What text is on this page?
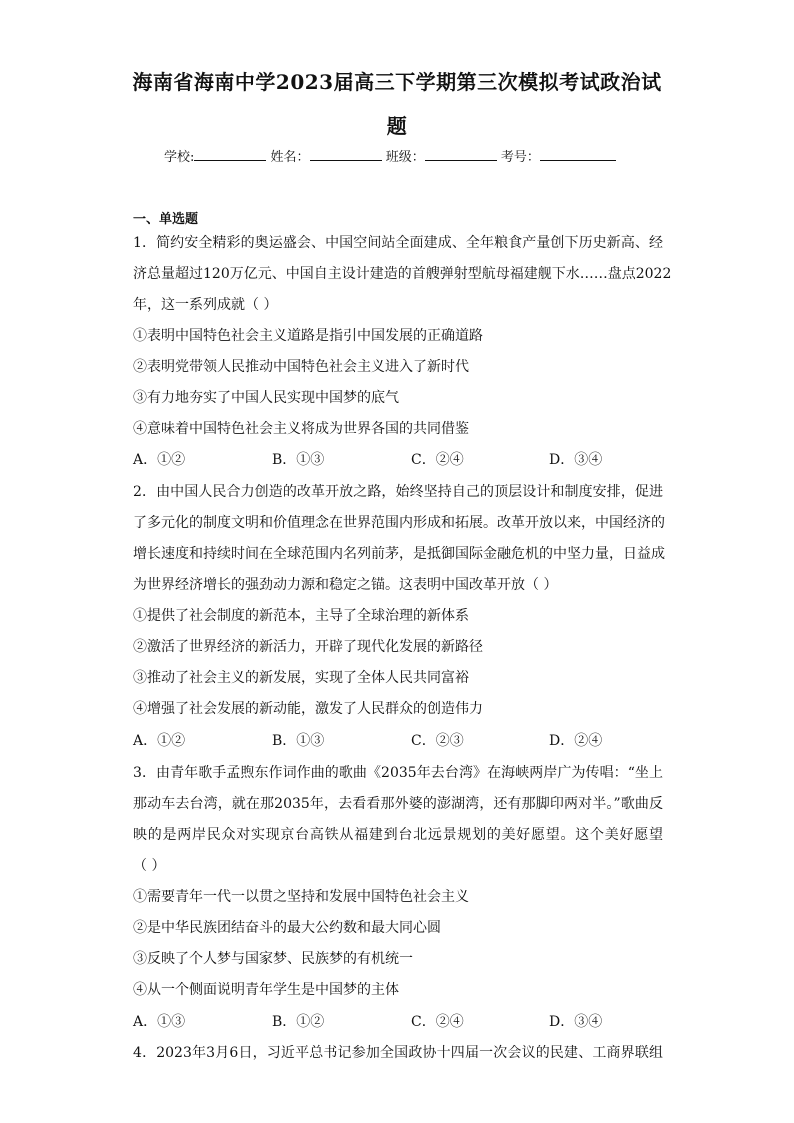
海南省海南中学2023届高三下学期第三次模拟考试政治试
题
学校:	姓名：	班级：	考号：
一、单选题
1．简约安全精彩的奥运盛会、中国空间站全面建成、全年粮食产量创下历史新高、经
济总量超过120万亿元、中国自主设计建造的首艘弹射型航母福建舰下水……盘点2022
年，这一系列成就（ ）
①表明中国特色社会主义道路是指引中国发展的正确道路
②表明党带领人民推动中国特色社会主义进入了新时代
③有力地夯实了中国人民实现中国梦的底气
④意味着中国特色社会主义将成为世界各国的共同借鉴
A．①②	B．①③	C．②④	D．③④
2．由中国人民合力创造的改革开放之路，始终坚持自己的顶层设计和制度安排，促进
了多元化的制度文明和价值理念在世界范围内形成和拓展。改革开放以来，中国经济的
增长速度和持续时间在全球范围内名列前茅，是抵御国际金融危机的中坚力量，日益成
为世界经济增长的强劲动力源和稳定之锚。这表明中国改革开放（ ）
①提供了社会制度的新范本，主导了全球治理的新体系
②激活了世界经济的新活力，开辟了现代化发展的新路径
③推动了社会主义的新发展，实现了全体人民共同富裕
④增强了社会发展的新动能，激发了人民群众的创造伟力
A．①②	B．①③	C．②③	D．②④
3．由青年歌手孟煦东作词作曲的歌曲《2035年去台湾》在海峡两岸广为传唱：“坐上
那动车去台湾，就在那2035年，去看看那外婆的澎湖湾，还有那脚印两对半。”歌曲反
映的是两岸民众对实现京台高铁从福建到台北远景规划的美好愿望。这个美好愿望
（ ）
①需要青年一代一以贯之坚持和发展中国特色社会主义
②是中华民族团结奋斗的最大公约数和最大同心圆
③反映了个人梦与国家梦、民族梦的有机统一
④从一个侧面说明青年学生是中国梦的主体
A．①③	B．①②	C．②④	D．③④
4．2023年3月6日，习近平总书记参加全国政协十四届一次会议的民建、工商界联组
